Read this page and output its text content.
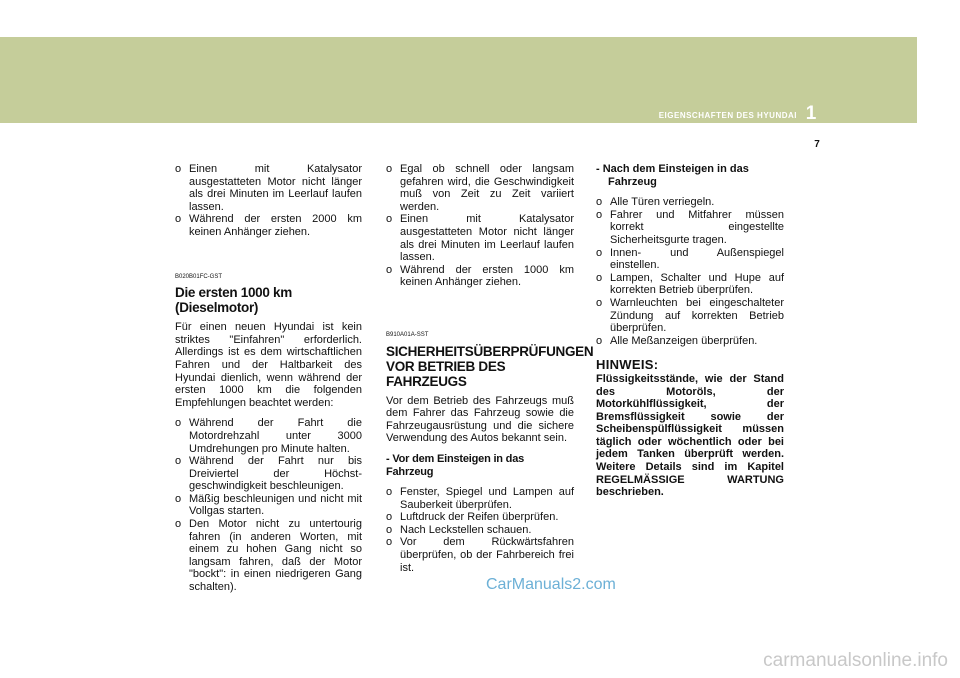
EIGENSCHAFTEN DES HYUNDAI 1
7
o Einen mit Katalysator ausgestatteten Motor nicht länger als drei Minuten im Leerlauf laufen lassen.
o Während der ersten 2000 km keinen Anhänger ziehen.
B020B01FC-GST
Die ersten 1000 km (Dieselmotor)
Für einen neuen Hyundai ist kein striktes "Einfahren" erforderlich. Allerdings ist es dem wirtschaftlichen Fahren und der Haltbarkeit des Hyundai dienlich, wenn während der ersten 1000 km die folgenden Empfehlungen beachtet werden:
o Während der Fahrt die Motordrehzahl unter 3000 Umdrehungen pro Minute halten.
o Während der Fahrt nur bis Dreiviertel der Höchst-geschwindigkeit beschleunigen.
o Mäßig beschleunigen und nicht mit Vollgas starten.
o Den Motor nicht zu untertourig fahren (in anderen Worten, mit einem zu hohen Gang nicht so langsam fahren, daß der Motor "bockt": in einen niedrigeren Gang schalten).
o Egal ob schnell oder langsam gefahren wird, die Geschwindigkeit muß von Zeit zu Zeit variiert werden.
o Einen mit Katalysator ausgestatteten Motor nicht länger als drei Minuten im Leerlauf laufen lassen.
o Während der ersten 1000 km keinen Anhänger ziehen.
B910A01A-SST
SICHERHEITSÜBERPRÜFUNGEN VOR BETRIEB DES FAHRZEUGS
Vor dem Betrieb des Fahrzeugs muß dem Fahrer das Fahrzeug sowie die Fahrzeugausrüstung und die sichere Verwendung des Autos bekannt sein.
- Vor dem Einsteigen in das Fahrzeug
o Fenster, Spiegel und Lampen auf Sauberkeit überprüfen.
o Luftdruck der Reifen überprüfen.
o Nach Leckstellen schauen.
o Vor dem Rückwärtsfahren überprüfen, ob der Fahrbereich frei ist.
- Nach dem Einsteigen in das Fahrzeug
o Alle Türen verriegeln.
o Fahrer und Mitfahrer müssen korrekt eingestellte Sicherheitsgurte tragen.
o Innen- und Außenspiegel einstellen.
o Lampen, Schalter und Hupe auf korrekten Betrieb überprüfen.
o Warnleuchten bei eingeschalteter Zündung auf korrekten Betrieb überprüfen.
o Alle Meßanzeigen überprüfen.
HINWEIS:
Flüssigkeitsstände, wie der Stand des Motoröls, der Motorkühlflüssigkeit, der Bremsflüssigkeit sowie der Scheibenspülflüssigkeit müssen täglich oder wöchentlich oder bei jedem Tanken überprüft werden. Weitere Details sind im Kapitel REGELMÄSSIGE WARTUNG beschrieben.
CarManuals2.com
carmanualsonline.info
